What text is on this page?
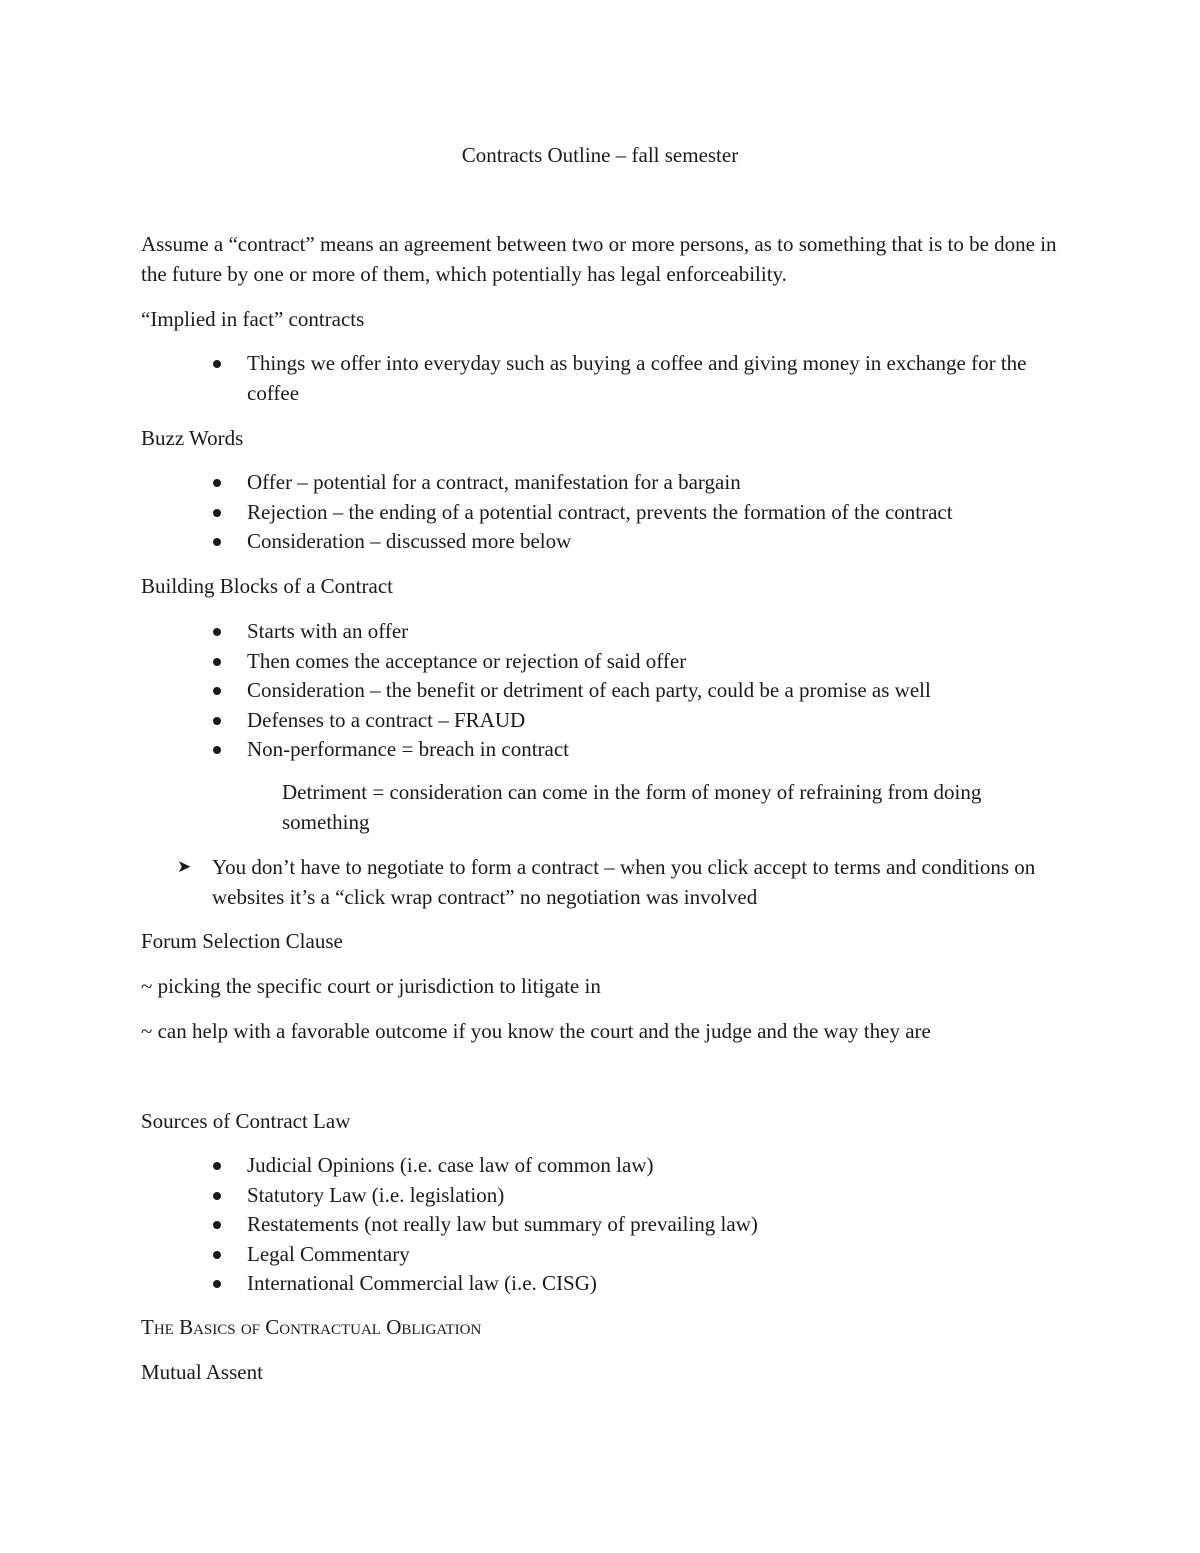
Contracts Outline – fall semester

Assume a “contract” means an agreement between two or more persons, as to something that is to be done in the future by one or more of them, which potentially has legal enforceability.

“Implied in fact” contracts

Things we offer into everyday such as buying a coffee and giving money in exchange for the coffee

Buzz Words

Offer – potential for a contract, manifestation for a bargain
Rejection – the ending of a potential contract, prevents the formation of the contract
Consideration – discussed more below

Building Blocks of a Contract

Starts with an offer
Then comes the acceptance or rejection of said offer
Consideration – the benefit or detriment of each party, could be a promise as well
Defenses to a contract – FRAUD
Non-performance = breach in contract

Detriment = consideration can come in the form of money of refraining from doing something

➤ You don’t have to negotiate to form a contract – when you click accept to terms and conditions on websites it’s a “click wrap contract” no negotiation was involved

Forum Selection Clause

~ picking the specific court or jurisdiction to litigate in

~ can help with a favorable outcome if you know the court and the judge and the way they are

Sources of Contract Law

Judicial Opinions (i.e. case law of common law)
Statutory Law (i.e. legislation)
Restatements (not really law but summary of prevailing law)
Legal Commentary
International Commercial law (i.e. CISG)

The Basics of Contractual Obligation

Mutual Assent
